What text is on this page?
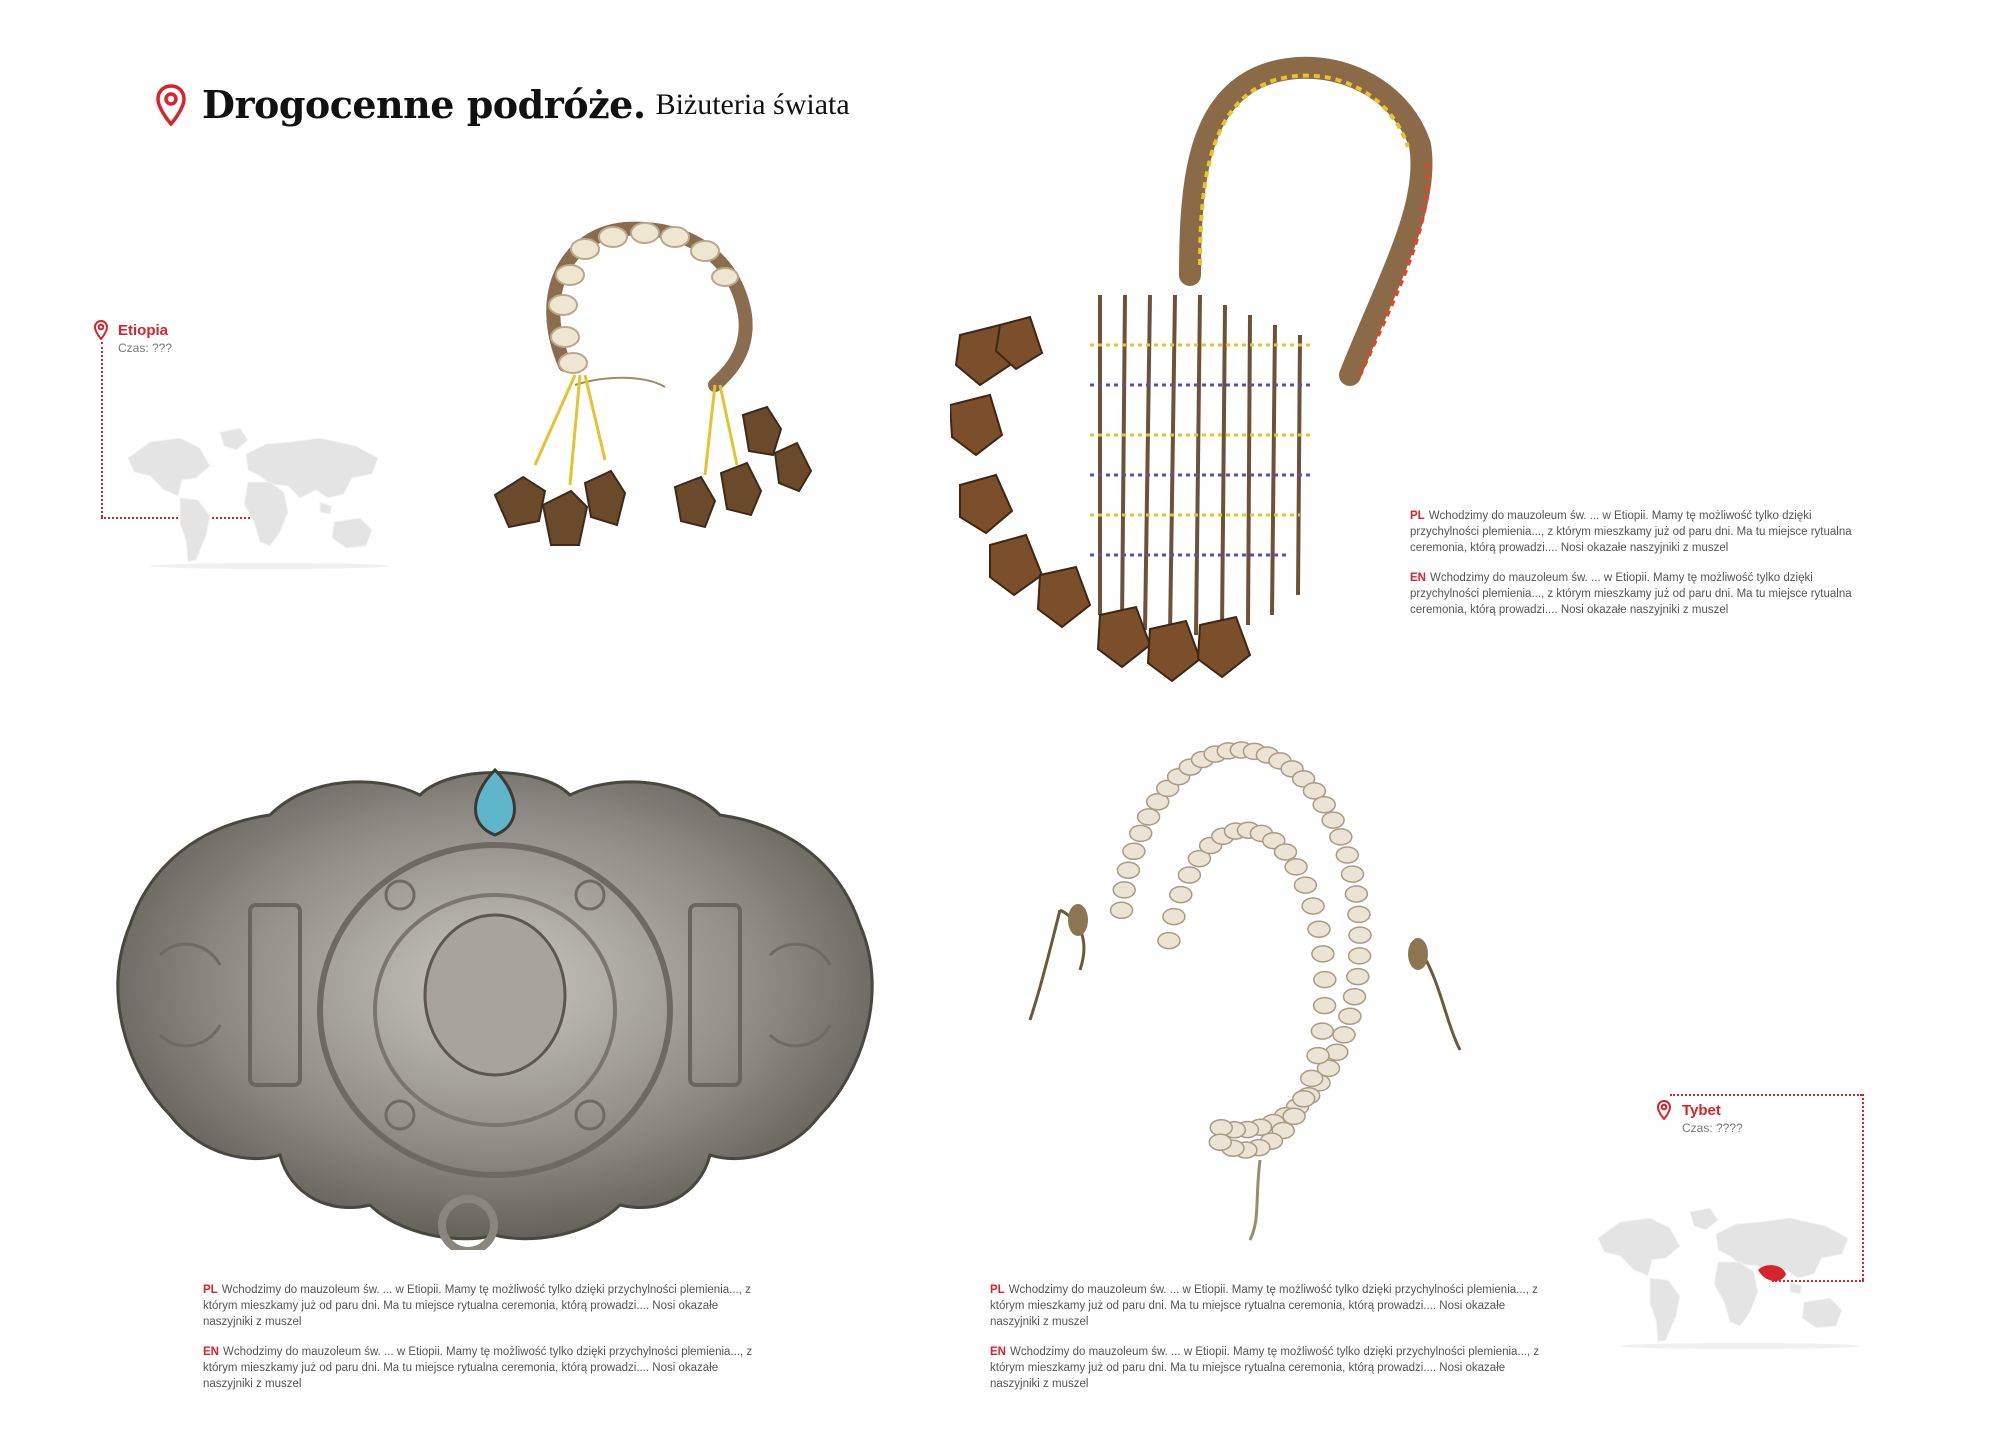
Drogocenne podróże. Biżuteria świata
Etiopia
Czas: ???

PL Wchodzimy do mauzoleum św. ... w Etiopii. Mamy tę możliwość tylko dzięki przychylności plemienia..., z którym mieszkamy już od paru dni. Ma tu miejsce rytualna ceremonia, którą prowadzi.... Nosi okazałe naszyjniki z muszel

EN Wchodzimy do mauzoleum św. ... w Etiopii. Mamy tę możliwość tylko dzięki przychylności plemienia..., z którym mieszkamy już od paru dni. Ma tu miejsce rytualna ceremonia, którą prowadzi.... Nosi okazałe naszyjniki z muszel

PL Wchodzimy do mauzoleum św. ... w Etiopii. Mamy tę możliwość tylko dzięki przychylności plemienia..., z którym mieszkamy już od paru dni. Ma tu miejsce rytualna ceremonia, którą prowadzi.... Nosi okazałe naszyjniki z muszel

EN Wchodzimy do mauzoleum św. ... w Etiopii. Mamy tę możliwość tylko dzięki przychylności plemienia..., z którym mieszkamy już od paru dni. Ma tu miejsce rytualna ceremonia, którą prowadzi.... Nosi okazałe naszyjniki z muszel

Tybet
Czas: ????

PL Wchodzimy do mauzoleum św. ... w Etiopii. Mamy tę możliwość tylko dzięki przychylności plemienia..., z którym mieszkamy już od paru dni. Ma tu miejsce rytualna ceremonia, którą prowadzi.... Nosi okazałe naszyjniki z muszel

EN Wchodzimy do mauzoleum św. ... w Etiopii. Mamy tę możliwość tylko dzięki przychylności plemienia..., z którym mieszkamy już od paru dni. Ma tu miejsce rytualna ceremonia, którą prowadzi.... Nosi okazałe naszyjniki z muszel
